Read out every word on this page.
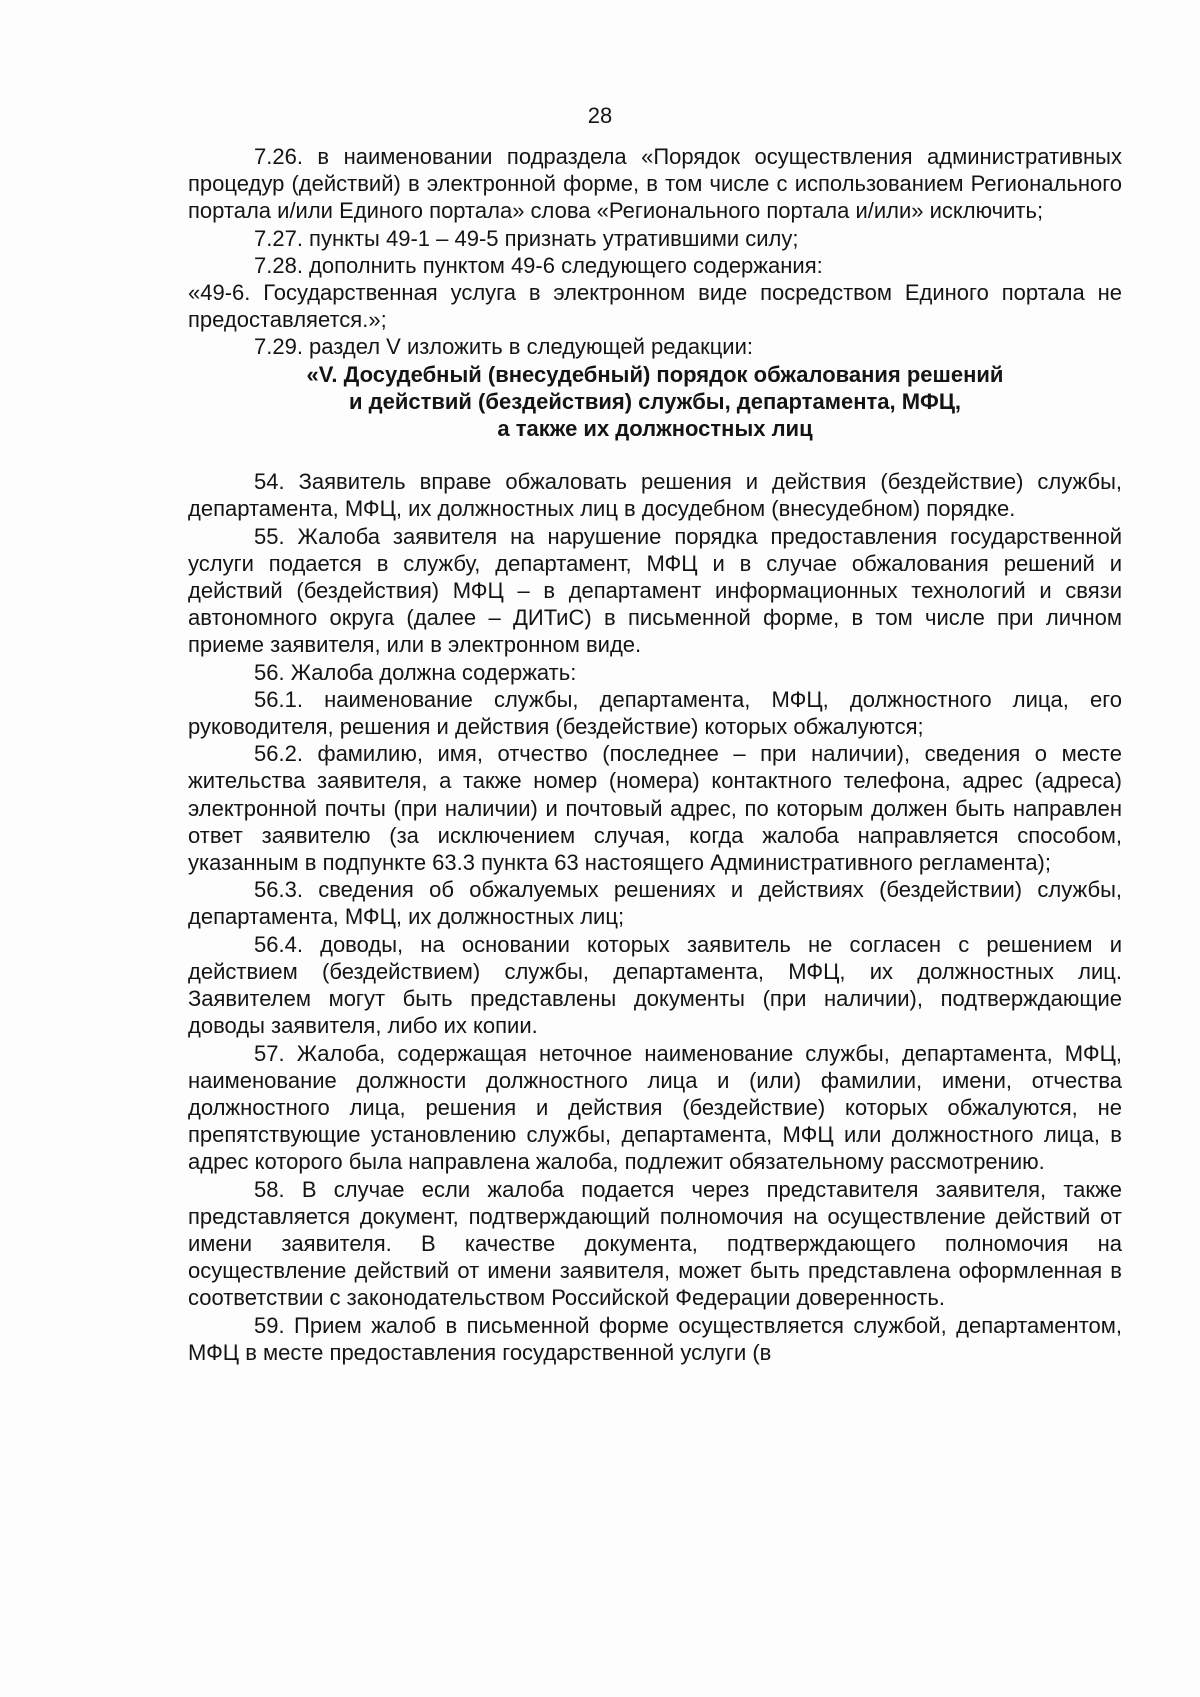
28

7.26. в наименовании подраздела «Порядок осуществления административных процедур (действий) в электронной форме, в том числе с использованием Регионального портала и/или Единого портала» слова «Регионального портала и/или» исключить;

7.27. пункты 49-1 – 49-5 признать утратившими силу;

7.28. дополнить пунктом 49-6 следующего содержания:

«49-6. Государственная услуга в электронном виде посредством Единого портала не предоставляется.»;

7.29. раздел V изложить в следующей редакции:

«V. Досудебный (внесудебный) порядок обжалования решений
и действий (бездействия) службы, департамента, МФЦ,
а также их должностных лиц

54. Заявитель вправе обжаловать решения и действия (бездействие) службы, департамента, МФЦ, их должностных лиц в досудебном (внесудебном) порядке.

55. Жалоба заявителя на нарушение порядка предоставления государственной услуги подается в службу, департамент, МФЦ и в случае обжалования решений и действий (бездействия) МФЦ – в департамент информационных технологий и связи автономного округа (далее – ДИТиС) в письменной форме, в том числе при личном приеме заявителя, или в электронном виде.

56. Жалоба должна содержать:

56.1. наименование службы, департамента, МФЦ, должностного лица, его руководителя, решения и действия (бездействие) которых обжалуются;

56.2. фамилию, имя, отчество (последнее – при наличии), сведения о месте жительства заявителя, а также номер (номера) контактного телефона, адрес (адреса) электронной почты (при наличии) и почтовый адрес, по которым должен быть направлен ответ заявителю (за исключением случая, когда жалоба направляется способом, указанным в подпункте 63.3 пункта 63 настоящего Административного регламента);

56.3. сведения об обжалуемых решениях и действиях (бездействии) службы, департамента, МФЦ, их должностных лиц;

56.4. доводы, на основании которых заявитель не согласен с решением и действием (бездействием) службы, департамента, МФЦ, их должностных лиц. Заявителем могут быть представлены документы (при наличии), подтверждающие доводы заявителя, либо их копии.

57. Жалоба, содержащая неточное наименование службы, департамента, МФЦ, наименование должности должностного лица и (или) фамилии, имени, отчества должностного лица, решения и действия (бездействие) которых обжалуются, не препятствующие установлению службы, департамента, МФЦ или должностного лица, в адрес которого была направлена жалоба, подлежит обязательному рассмотрению.

58. В случае если жалоба подается через представителя заявителя, также представляется документ, подтверждающий полномочия на осуществление действий от имени заявителя. В качестве документа, подтверждающего полномочия на осуществление действий от имени заявителя, может быть представлена оформленная в соответствии с законодательством Российской Федерации доверенность.

59. Прием жалоб в письменной форме осуществляется службой, департаментом, МФЦ в месте предоставления государственной услуги (в
